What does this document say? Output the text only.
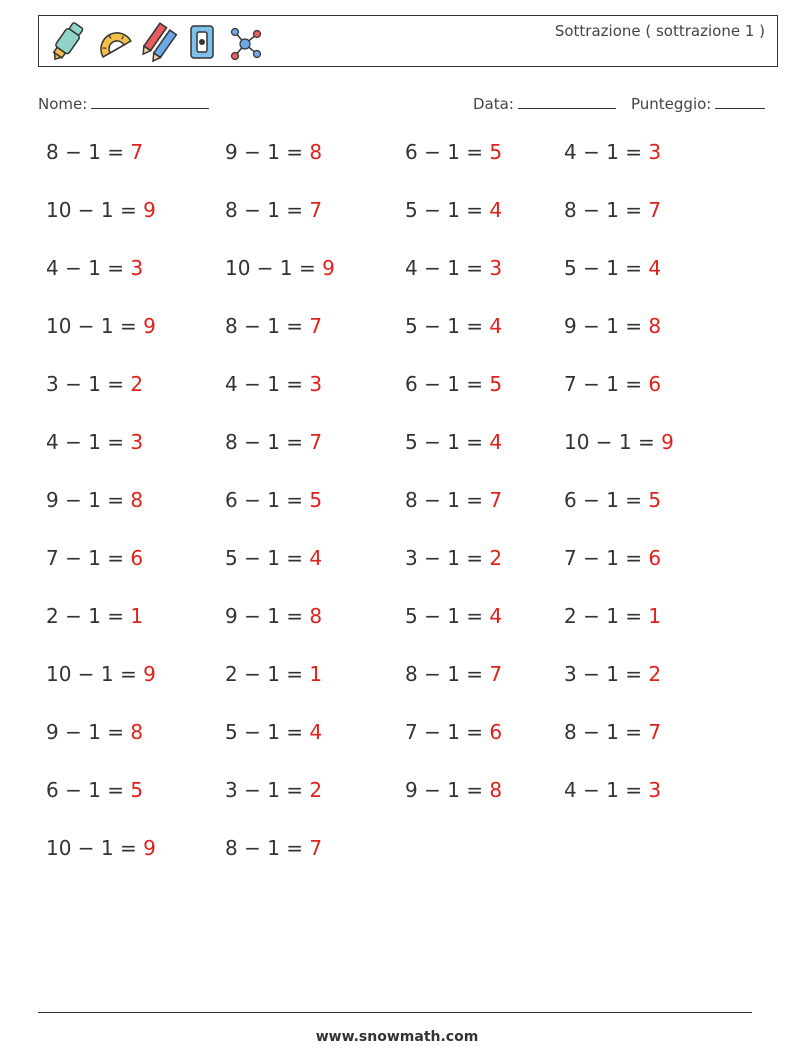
Sottrazione ( sottrazione 1 )
Nome:	Data:	Punteggio:
8 − 1 = 7	9 − 1 = 8	6 − 1 = 5	4 − 1 = 3
10 − 1 = 9	8 − 1 = 7	5 − 1 = 4	8 − 1 = 7
4 − 1 = 3	10 − 1 = 9	4 − 1 = 3	5 − 1 = 4
10 − 1 = 9	8 − 1 = 7	5 − 1 = 4	9 − 1 = 8
3 − 1 = 2	4 − 1 = 3	6 − 1 = 5	7 − 1 = 6
4 − 1 = 3	8 − 1 = 7	5 − 1 = 4	10 − 1 = 9
9 − 1 = 8	6 − 1 = 5	8 − 1 = 7	6 − 1 = 5
7 − 1 = 6	5 − 1 = 4	3 − 1 = 2	7 − 1 = 6
2 − 1 = 1	9 − 1 = 8	5 − 1 = 4	2 − 1 = 1
10 − 1 = 9	2 − 1 = 1	8 − 1 = 7	3 − 1 = 2
9 − 1 = 8	5 − 1 = 4	7 − 1 = 6	8 − 1 = 7
6 − 1 = 5	3 − 1 = 2	9 − 1 = 8	4 − 1 = 3
10 − 1 = 9	8 − 1 = 7
www.snowmath.com
